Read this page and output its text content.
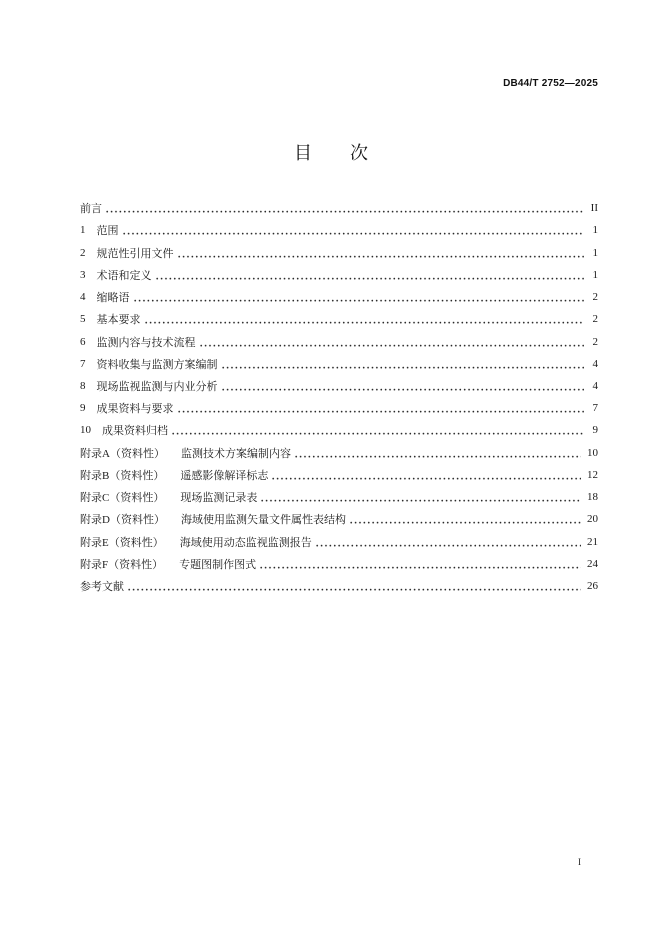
DB44/T 2752—2025
目　次
前言	II
1 范围	1
2 规范性引用文件	1
3 术语和定义	1
4 缩略语	2
5 基本要求	2
6 监测内容与技术流程	2
7 资料收集与监测方案编制	4
8 现场监视监测与内业分析	4
9 成果资料与要求	7
10 成果资料归档	9
附录A（资料性） 监测技术方案编制内容	10
附录B（资料性） 遥感影像解译标志	12
附录C（资料性） 现场监测记录表	18
附录D（资料性） 海域使用监测矢量文件属性表结构	20
附录E（资料性） 海域使用动态监视监测报告	21
附录F（资料性） 专题图制作图式	24
参考文献	26
I
